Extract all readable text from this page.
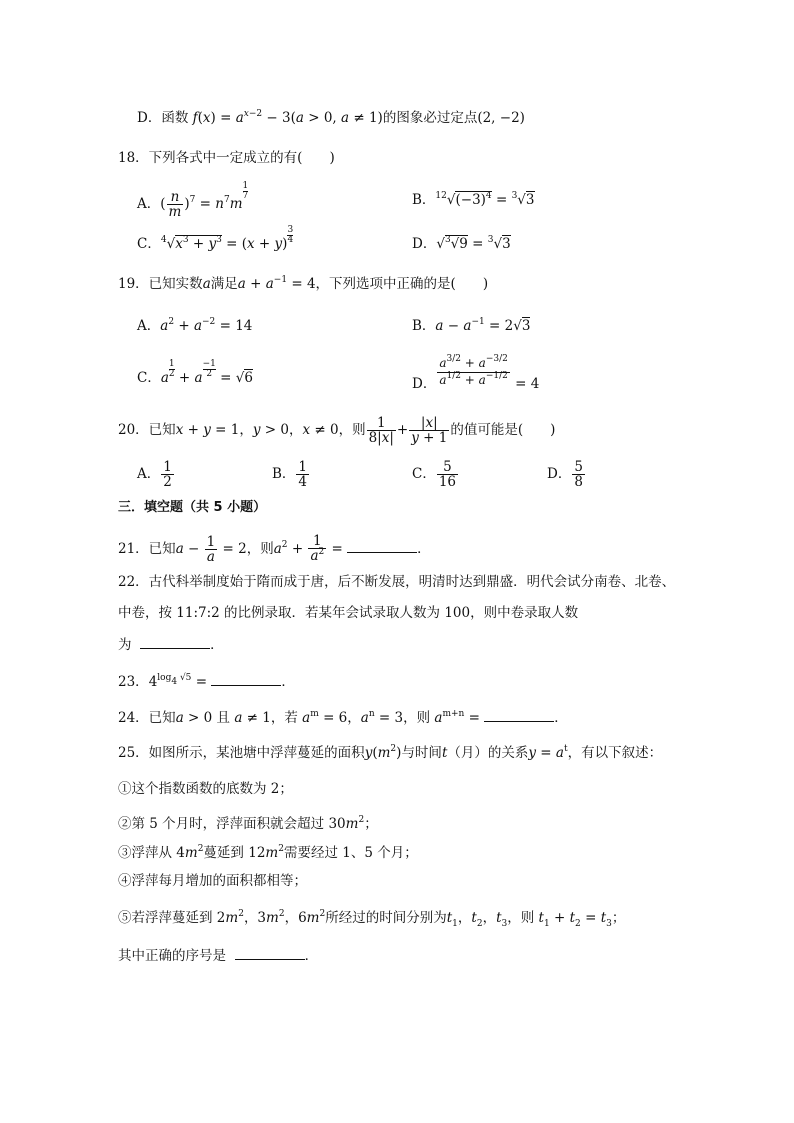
D．函数 $f(x) = a^{x-2} - 3(a > 0$, a ≠ 1)的图象必过定点(2, −2)
18．下列各式中一定成立的有(　　)
A．( $\frac{n}{m} )^7 = n^7m$
$\frac{1}{7}$	B．$^{12}√(-3)^4 = ^3√3$
C．$^4√x^3 + y^3 = (x + y) \frac{3}{4}$	D．√$^3$√9 = $^3$√3
19．已知实数a满足$a + a^{-1} = 4$，下列选项中正确的是(　　)
A．$a^2 + a^{-2} = 14$	B．$a - a^{-1} = 2√3$
C．a $\frac{1}{2} + a \frac{-1}{2} = √6$	D． $\frac{a^{3/2} + a^{-3/2}}{a^{1/2} + a^{-1/2}} = 4$
20．已知x + y = 1，y > 0，x ≠ 0，则 $\frac{1}{8|x|} + \frac{|x|}{y + 1}$ 的值可能是(　　)
A． $\frac{1}{2}$	B． $\frac{1}{4}$	C． $\frac{5}{16}$	D． $\frac{5}{8}$
三．填空题（共 5 小题）
21．已知$a - \frac{1}{a} = 2$，则$a^2 + \frac{1}{a^2}$ =	．
22．古代科举制度始于隋而成于唐，后不断发展，明清时达到鼎盛．明代会试分南卷、北卷、
中卷，按 11:7:2 的比例录取．若某年会试录取人数为 100，则中卷录取人数
为	．
23．$4^{log4 √5}$ =	．
24．已知a > 0 且 a ≠ 1，若 $a^m = 6$，$a^n = 3$，则 $a^{m+n}$ =	．
25．如图所示，某池塘中浮萍蔓延的面积$y(m^2)$与时间t（月）的关系$y = a^t$，有以下叙述：
①这个指数函数的底数为 2；
②第 5 个月时，浮萍面积就会超过 $30m^2$；
③浮萍从 $4m^2$蔓延到 $12m^2$需要经过 1、5 个月；
④浮萍每月增加的面积都相等；
⑤若浮萍蔓延到 $2m^2$，$3m^2$，$6m^2$所经过的时间分别为$t_1$，$t_2$，$t_3$，则 $t_1 + t_2 = t_3$；
其中正确的序号是	．
